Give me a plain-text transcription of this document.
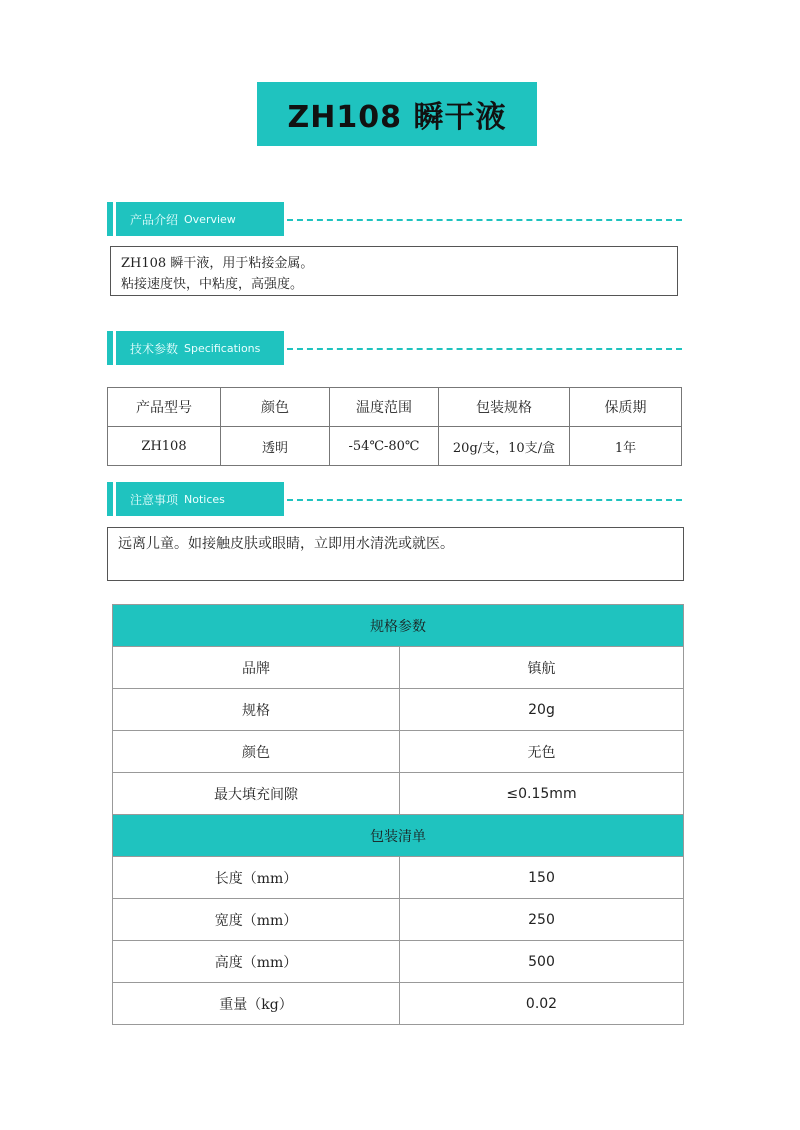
ZH108 瞬干液
产品介绍 Overview
ZH108 瞬干液，用于粘接金属。
粘接速度快，中粘度，高强度。
技术参数 Specifications
产品型号	颜色	温度范围	包装规格	保质期
ZH108	透明	-54℃-80℃	20g/支，10支/盒	1年
注意事项 Notices
远离儿童。如接触皮肤或眼睛，立即用水清洗或就医。
规格参数	
品牌	镇航
规格	20g
颜色	无色
最大填充间隙	≤0.15mm
包装清单	
长度（mm）	150
宽度（mm）	250
高度（mm）	500
重量（kg）	0.02
